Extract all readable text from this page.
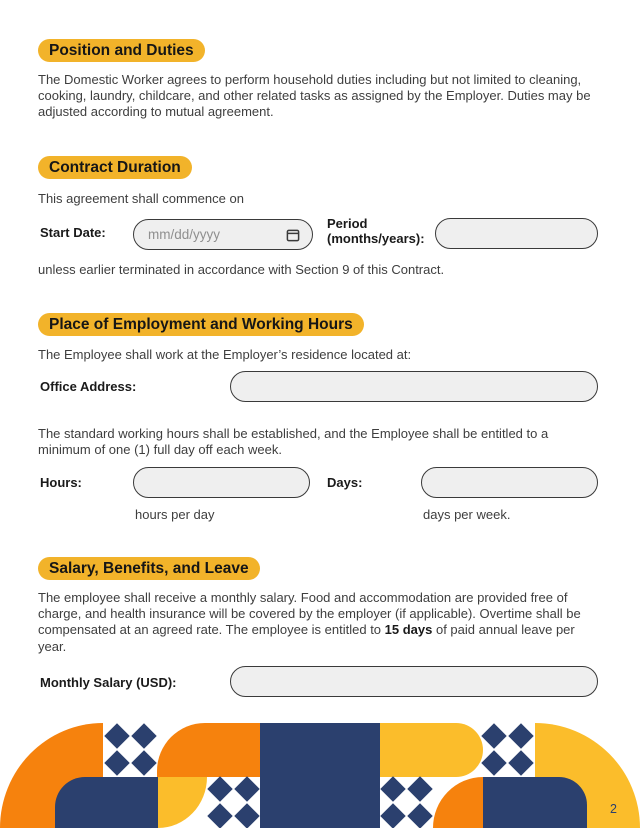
Position and Duties
The Domestic Worker agrees to perform household duties including but not limited to cleaning, cooking, laundry, childcare, and other related tasks as assigned by the Employer. Duties may be adjusted according to mutual agreement.
Contract Duration
This agreement shall commence on
Start Date:
mm/dd/yyyy
Period
(months/years):
unless earlier terminated in accordance with Section 9 of this Contract.
Place of Employment and Working Hours
The Employee shall work at the Employer’s residence located at:
Office Address:
The standard working hours shall be established, and the Employee shall be entitled to a minimum of one (1) full day off each week.
Hours:	Days:
hours per day	days per week.
Salary, Benefits, and Leave
The employee shall receive a monthly salary. Food and accommodation are provided free of charge, and health insurance will be covered by the employer (if applicable). Overtime shall be compensated at an agreed rate. The employee is entitled to 15 days of paid annual leave per year.
Monthly Salary (USD):
2
